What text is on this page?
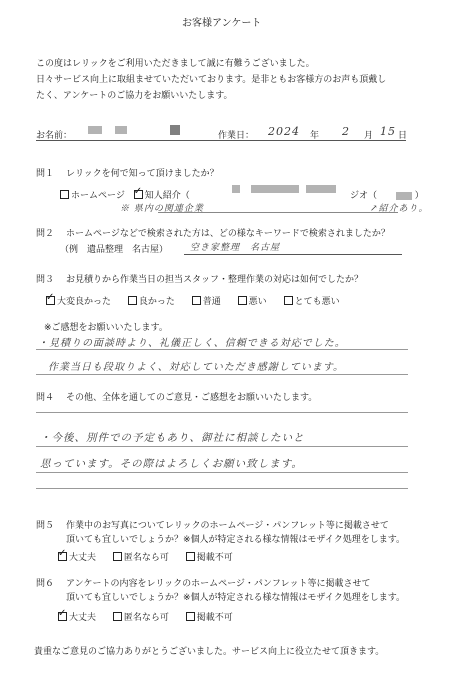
お客様アンケート
この度はレリックをご利用いただきまして誠に有難うございました。
日々サービス向上に取組ませていただいております。是非ともお客様方のお声も頂戴し
たく、アンケートのご協力をお願いいたします。
お名前：
	作業日： 2024 年 2 月 15 日
問１ レリックを何で知って頂けましたか？
ホームページ ✓ 知人紹介（
	ジオ（	）
※ 県内の関連企業	↗紹介あり。
問２ ホームページなどで検索された方は、どの様なキーワードで検索されましたか？
（例　遺品整理　名古屋） 空き家整理　名古屋
問３ お見積りから作業当日の担当スタッフ・整理作業の対応は如何でしたか？
✓大変良かった	良かった	普通	悪い	とても悪い
※ご感想をお願いいたします。
・見積りの面談時より、礼儀正しく、信頼できる対応でした。
作業当日も段取りよく、対応していただき感謝しています。
問４ その他、全体を通してのご意見・ご感想をお願いいたします。
・今後、別件での予定もあり、御社に相談したいと
思っています。その際はよろしくお願い致します。
問５ 作業中のお写真についてレリックのホームページ・パンフレット等に掲載させて
頂いても宜しいでしょうか？※個人が特定される様な情報はモザイク処理をします。
✓大丈夫	匿名なら可	掲載不可
問６ アンケートの内容をレリックのホームページ・パンフレット等に掲載させて
頂いても宜しいでしょうか？※個人が特定される様な情報はモザイク処理をします。
✓大丈夫	匿名なら可	掲載不可
貴重なご意見のご協力ありがとうございました。サービス向上に役立たせて頂きます。
